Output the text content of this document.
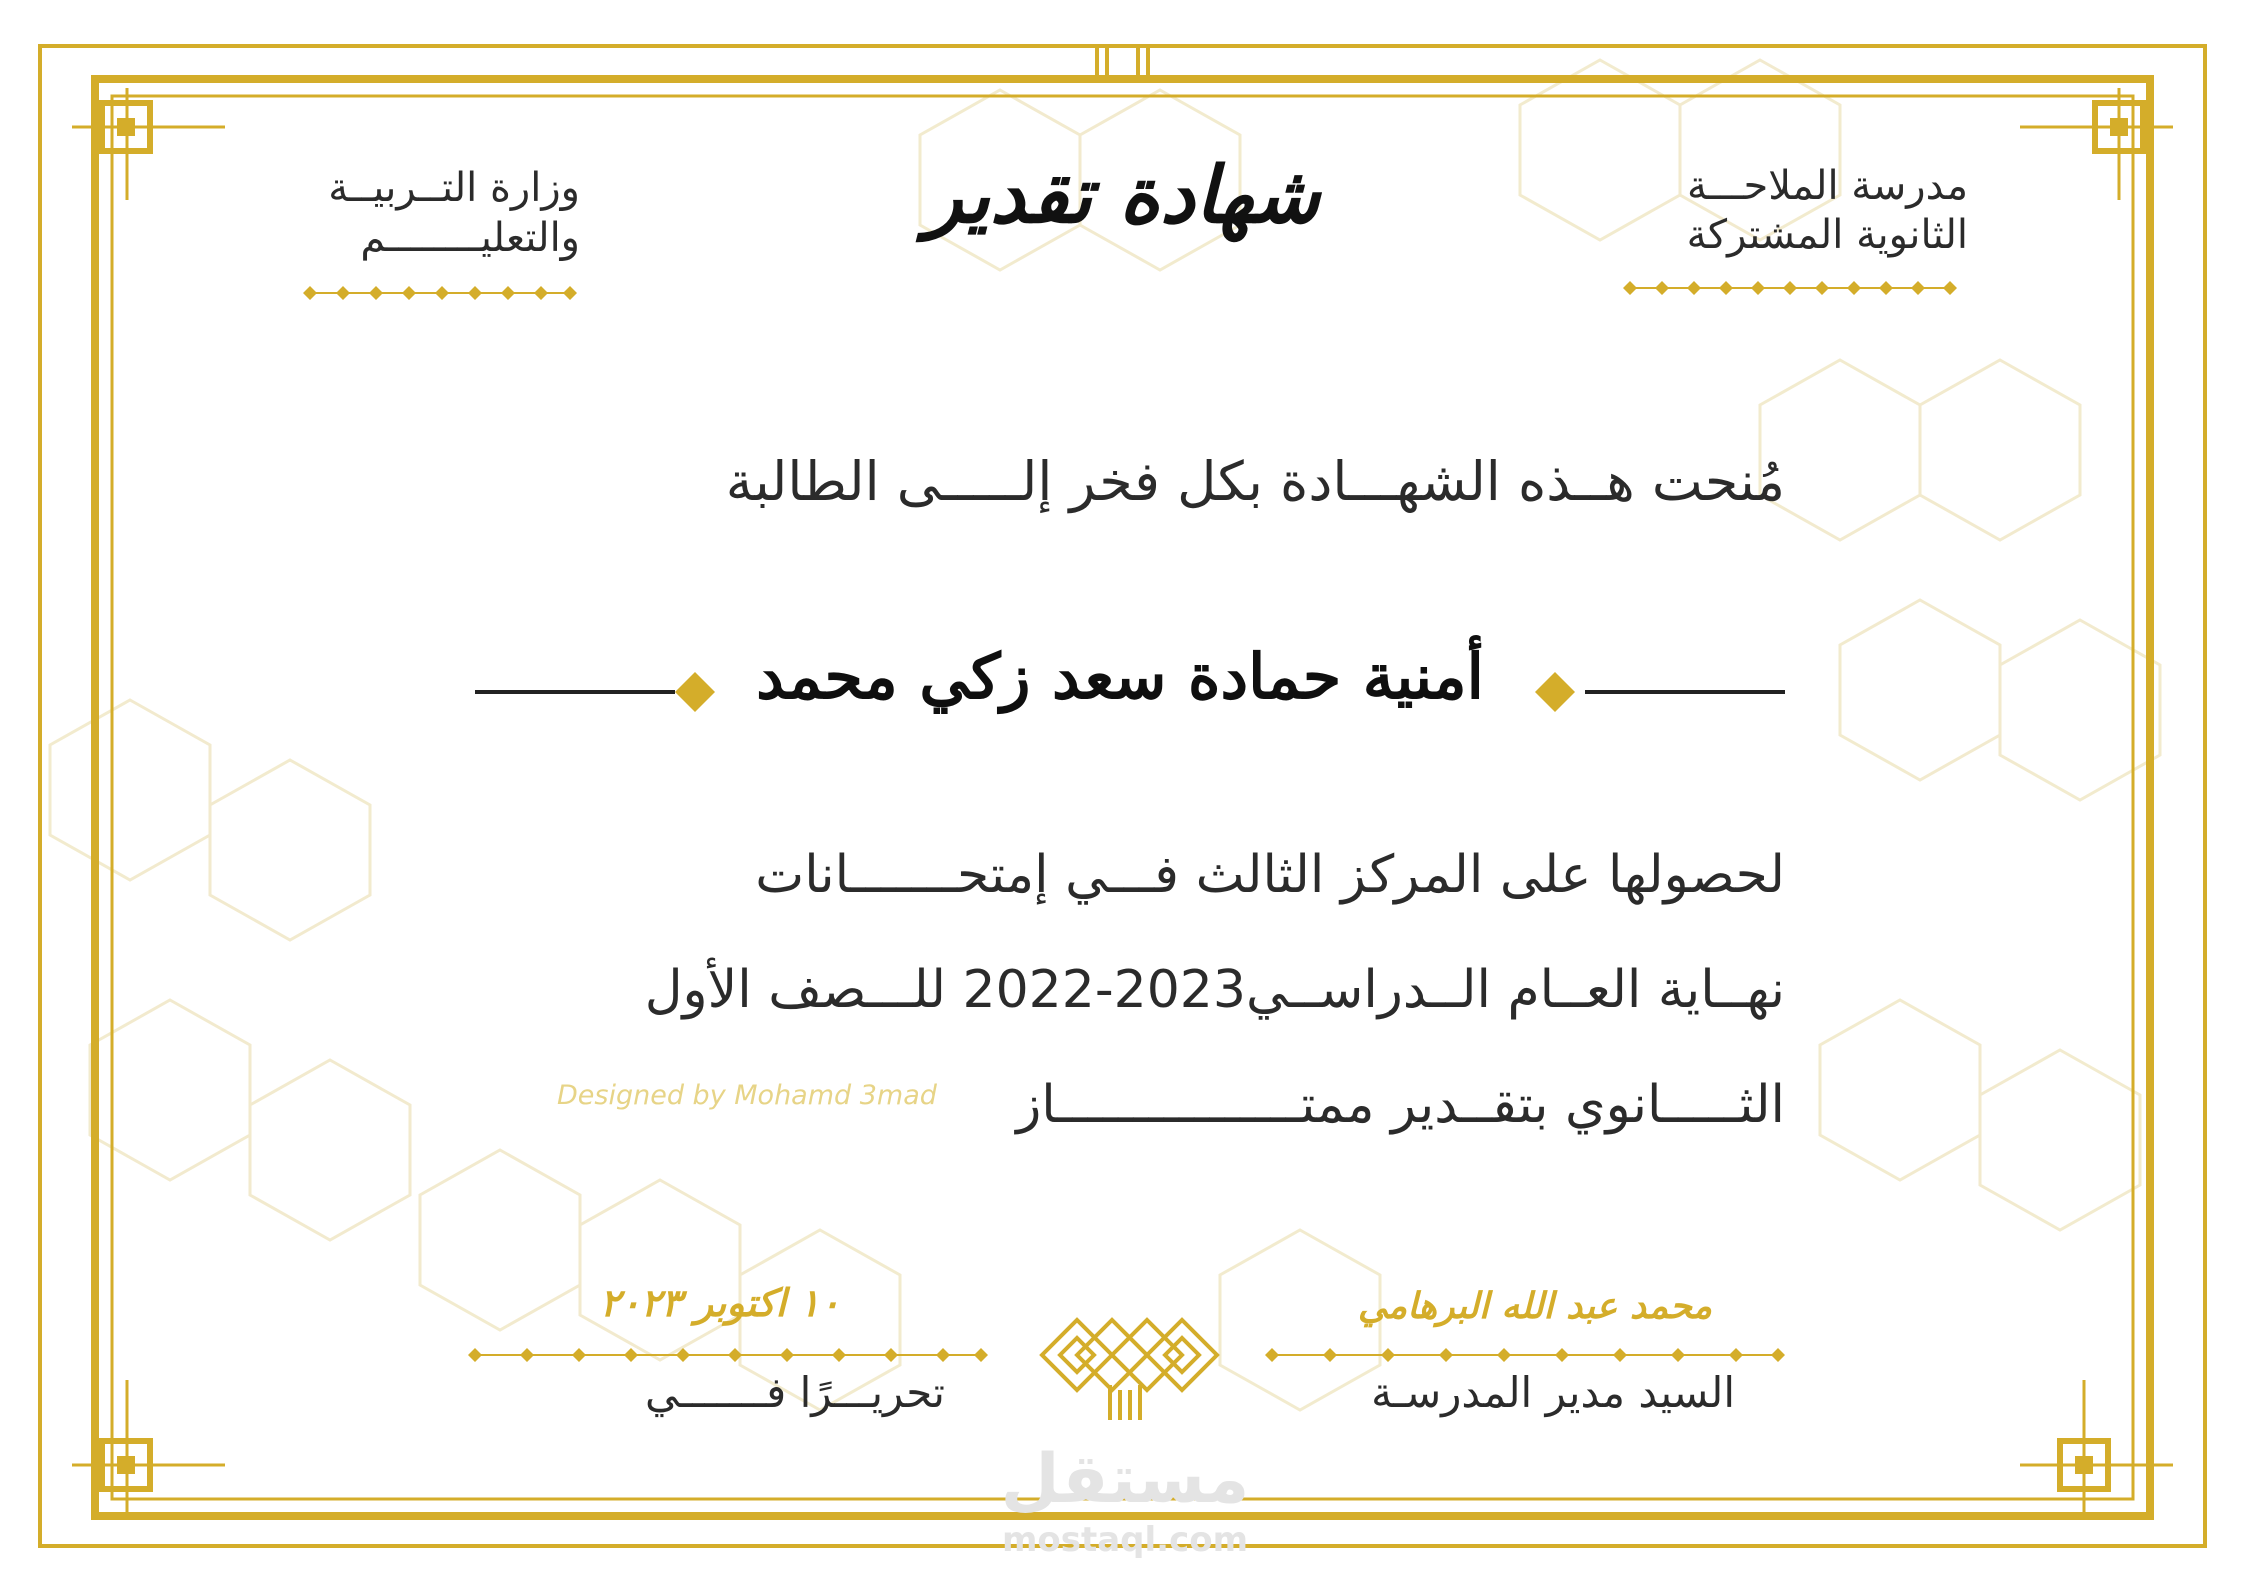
مدرسة الملاحـــة
الثانوية المشتركة
وزارة التــربيــة
والتعليــــــــم	شهادة تقدير
مُنحت هــذه الشهـــادة بكل فخر إلـــــى الطالبة
أمنية حمادة سعد زكي محمد
لحصولها على المركز الثالث فـــي إمتحـــــــانات
نهــاية العــام الــدراســي2023-2022 للـــصف الأول
الثـــــانوي بتقــدير ممتــــــــــــــــاز
Designed by Mohamd 3mad
١٠ اكتوبر ٢٠٢٣
تحريـــرًا فـــــــي
محمد عبد الله البرهامي
السيد مدير المدرسـة
مستقل
mostaql.com
